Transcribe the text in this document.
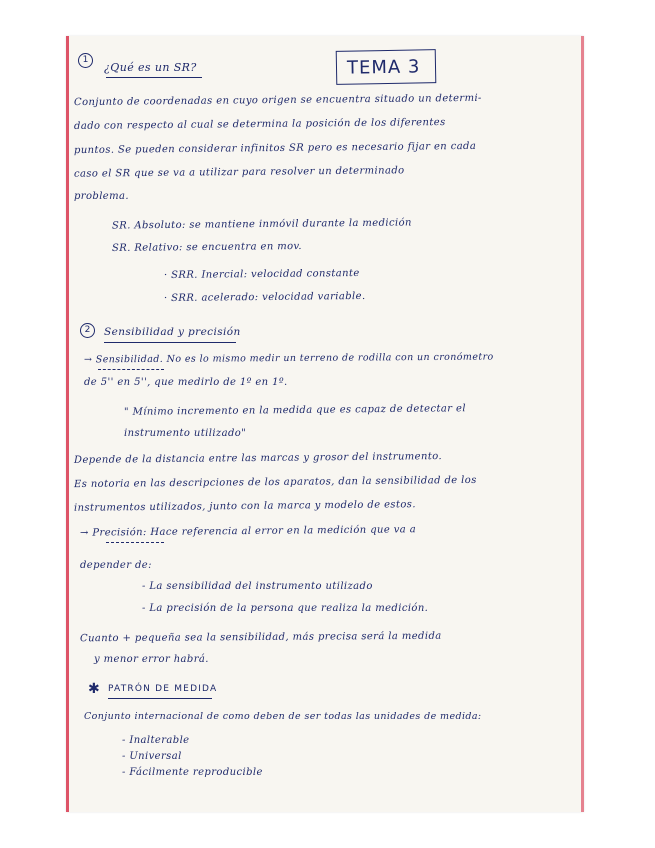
1
¿Qué es un SR?	TEMA 3
Conjunto de coordenadas en cuyo origen se encuentra situado un determi-
dado con respecto al cual se determina la posición de los diferentes
puntos. Se pueden considerar infinitos SR pero es necesario fijar en cada
caso el SR que se va a utilizar para resolver un determinado
problema.
SR. Absoluto: se mantiene inmóvil durante la medición
SR. Relativo: se encuentra en mov.
· SRR. Inercial: velocidad constante
· SRR. acelerado: velocidad variable.
2	Sensibilidad y precisión
→ Sensibilidad. No es lo mismo medir un terreno de rodilla con un cronómetro
de 5'' en 5'', que medirlo de 1º en 1º.
" Mínimo incremento en la medida que es capaz de detectar el
instrumento utilizado"
Depende de la distancia entre las marcas y grosor del instrumento.
Es notoria en las descripciones de los aparatos, dan la sensibilidad de los
instrumentos utilizados, junto con la marca y modelo de estos.
→ Precisión: Hace referencia al error en la medición que va a
depender de:
- La sensibilidad del instrumento utilizado
- La precisión de la persona que realiza la medición.
Cuanto + pequeña sea la sensibilidad, más precisa será la medida
y menor error habrá.
✱ PATRÓN DE MEDIDA
Conjunto internacional de como deben de ser todas las unidades de medida:
- Inalterable
- Universal
- Fácilmente reproducible
